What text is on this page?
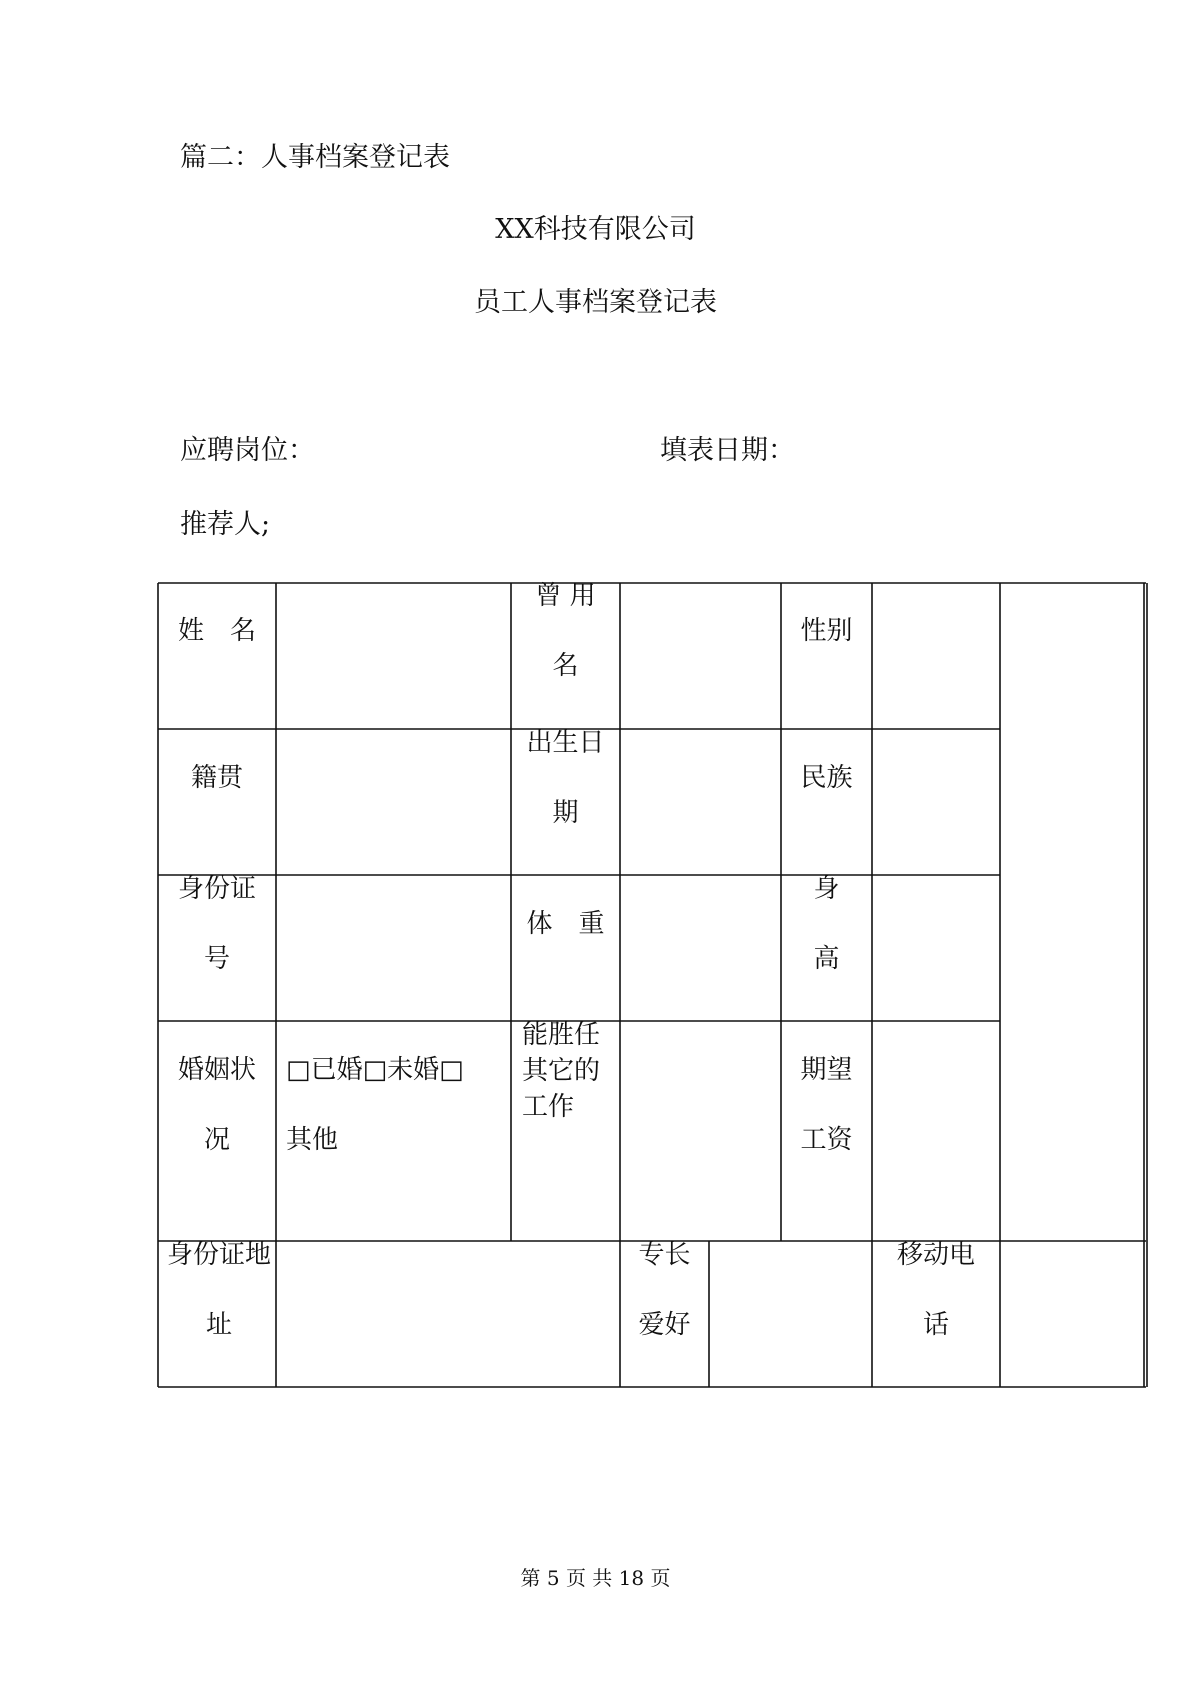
篇二：人事档案登记表
XX科技有限公司
员工人事档案登记表
应聘岗位：	填表日期：
推荐人;
姓　名
曾 用
名
性别
籍贯
出生日
期
民族
身份证
号
体　重
身
高
婚姻状
况
□已婚□未婚□
其他
能胜任
其它的
工作
期望
工资
身份证地
址
专长
爱好
移动电
话
第 5 页 共 18 页
